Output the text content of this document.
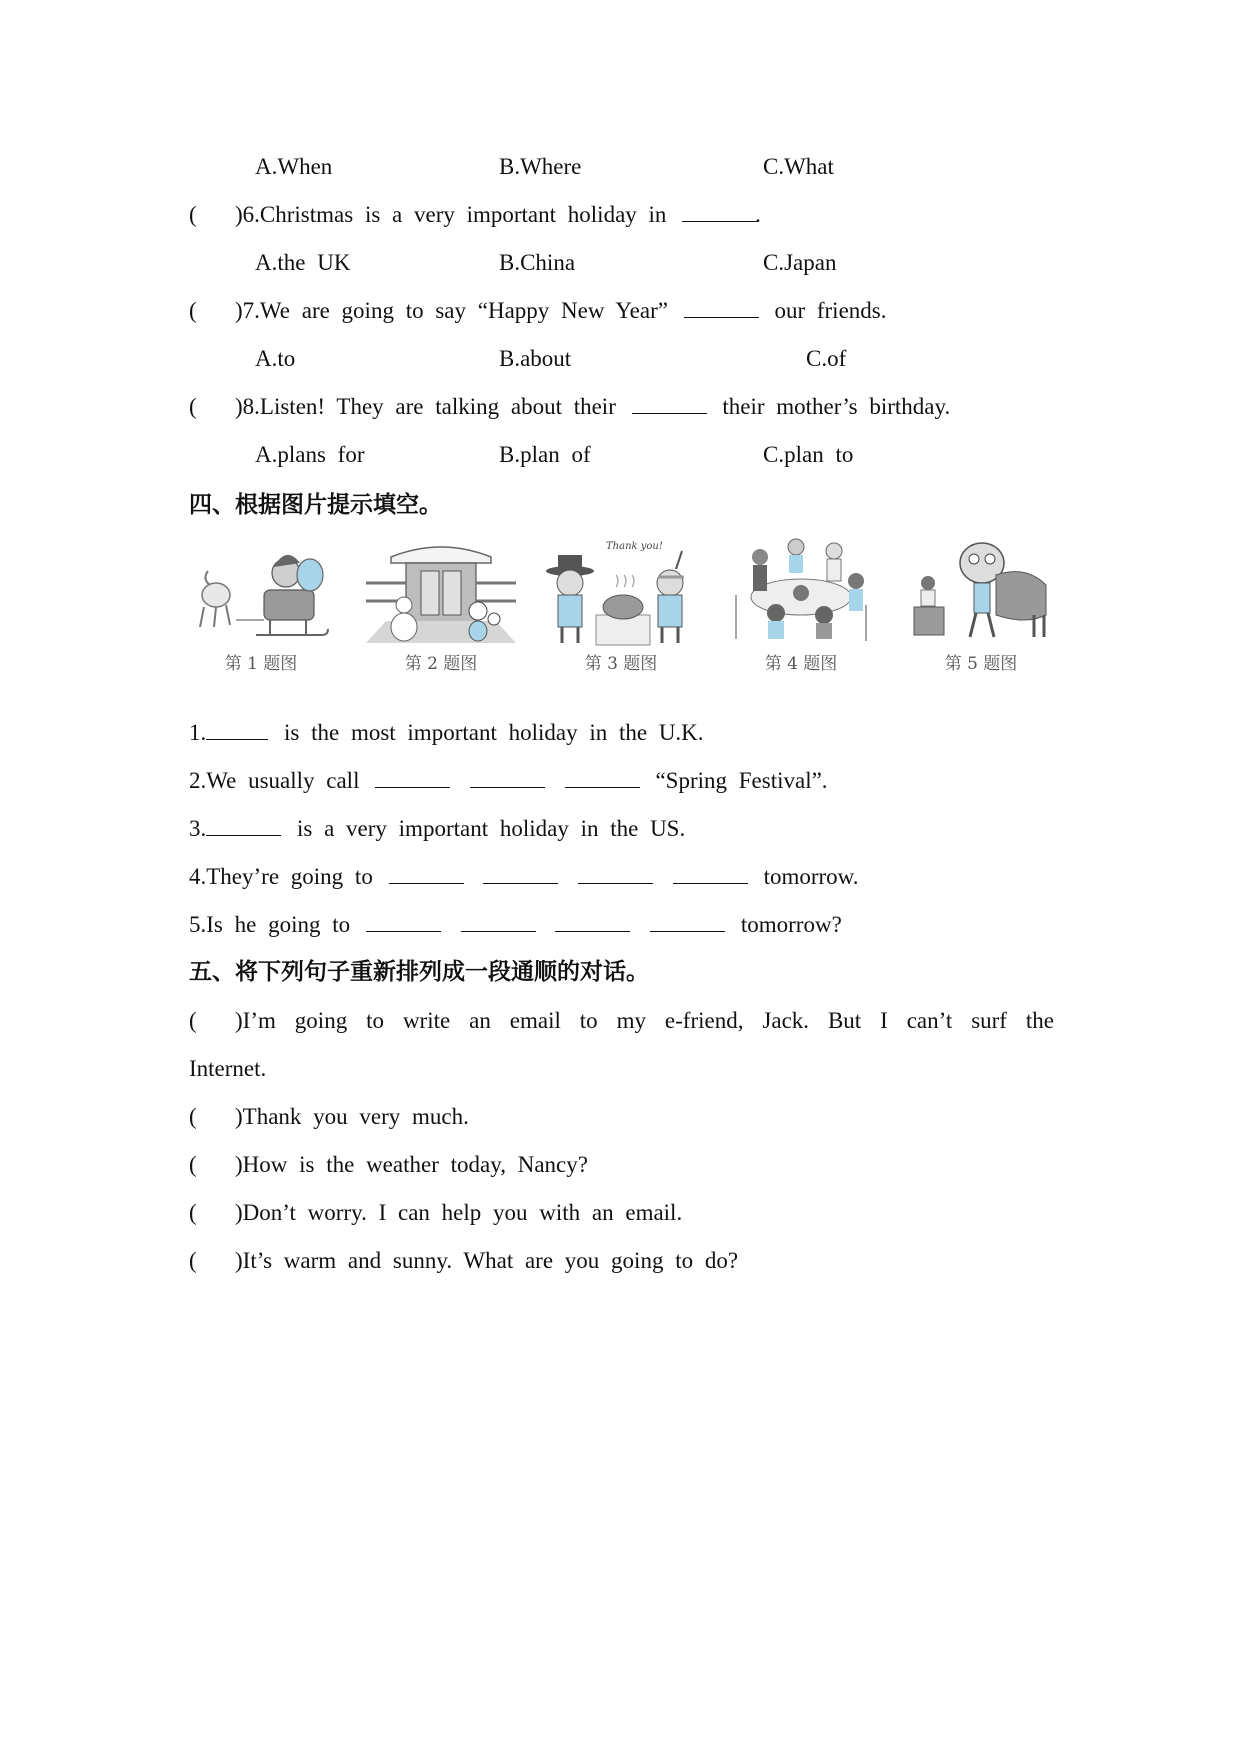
A.When	B.Where	C.What
( )6.Christmas is a very important holiday in	.
A.the UK	B.China	C.Japan
( )7.We are going to say “Happy New Year”	our friends.
A.to	B.about	C.of
( )8.Listen! They are talking about their	their mother’s birthday.
A.plans for	B.plan of	C.plan to
四、根据图片提示填空。
第 1 题图	第 2 题图
Thank you!
第 3 题图	第 4 题图	第 5 题图
1.	is the most important holiday in the U.K.
2.We usually call	“Spring Festival”.
3.	is a very important holiday in the US.
4.They’re going to	tomorrow.
5.Is he going to	tomorrow?
五、将下列句子重新排列成一段通顺的对话。
( )I’m going to write an email to my e-friend, Jack. But I can’t surf the
Internet.
( )Thank you very much.
( )How is the weather today, Nancy?
( )Don’t worry. I can help you with an email.
( )It’s warm and sunny. What are you going to do?
